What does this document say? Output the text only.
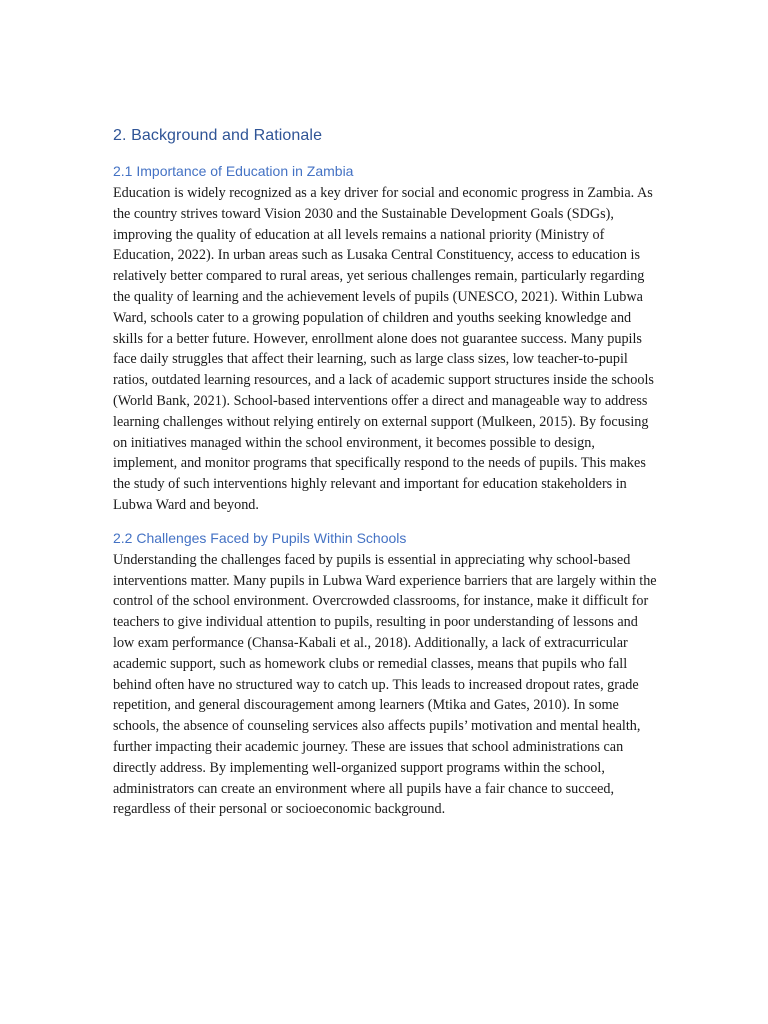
2. Background and Rationale
2.1 Importance of Education in Zambia

Education is widely recognized as a key driver for social and economic progress in Zambia. As the country strives toward Vision 2030 and the Sustainable Development Goals (SDGs), improving the quality of education at all levels remains a national priority (Ministry of Education, 2022). In urban areas such as Lusaka Central Constituency, access to education is relatively better compared to rural areas, yet serious challenges remain, particularly regarding the quality of learning and the achievement levels of pupils (UNESCO, 2021). Within Lubwa Ward, schools cater to a growing population of children and youths seeking knowledge and skills for a better future. However, enrollment alone does not guarantee success. Many pupils face daily struggles that affect their learning, such as large class sizes, low teacher-to-pupil ratios, outdated learning resources, and a lack of academic support structures inside the schools (World Bank, 2021). School-based interventions offer a direct and manageable way to address learning challenges without relying entirely on external support (Mulkeen, 2015). By focusing on initiatives managed within the school environment, it becomes possible to design, implement, and monitor programs that specifically respond to the needs of pupils. This makes the study of such interventions highly relevant and important for education stakeholders in Lubwa Ward and beyond.

2.2 Challenges Faced by Pupils Within Schools

Understanding the challenges faced by pupils is essential in appreciating why school-based interventions matter. Many pupils in Lubwa Ward experience barriers that are largely within the control of the school environment. Overcrowded classrooms, for instance, make it difficult for teachers to give individual attention to pupils, resulting in poor understanding of lessons and low exam performance (Chansa-Kabali et al., 2018). Additionally, a lack of extracurricular academic support, such as homework clubs or remedial classes, means that pupils who fall behind often have no structured way to catch up. This leads to increased dropout rates, grade repetition, and general discouragement among learners (Mtika and Gates, 2010). In some schools, the absence of counseling services also affects pupils’ motivation and mental health, further impacting their academic journey. These are issues that school administrations can directly address. By implementing well-organized support programs within the school, administrators can create an environment where all pupils have a fair chance to succeed, regardless of their personal or socioeconomic background.
